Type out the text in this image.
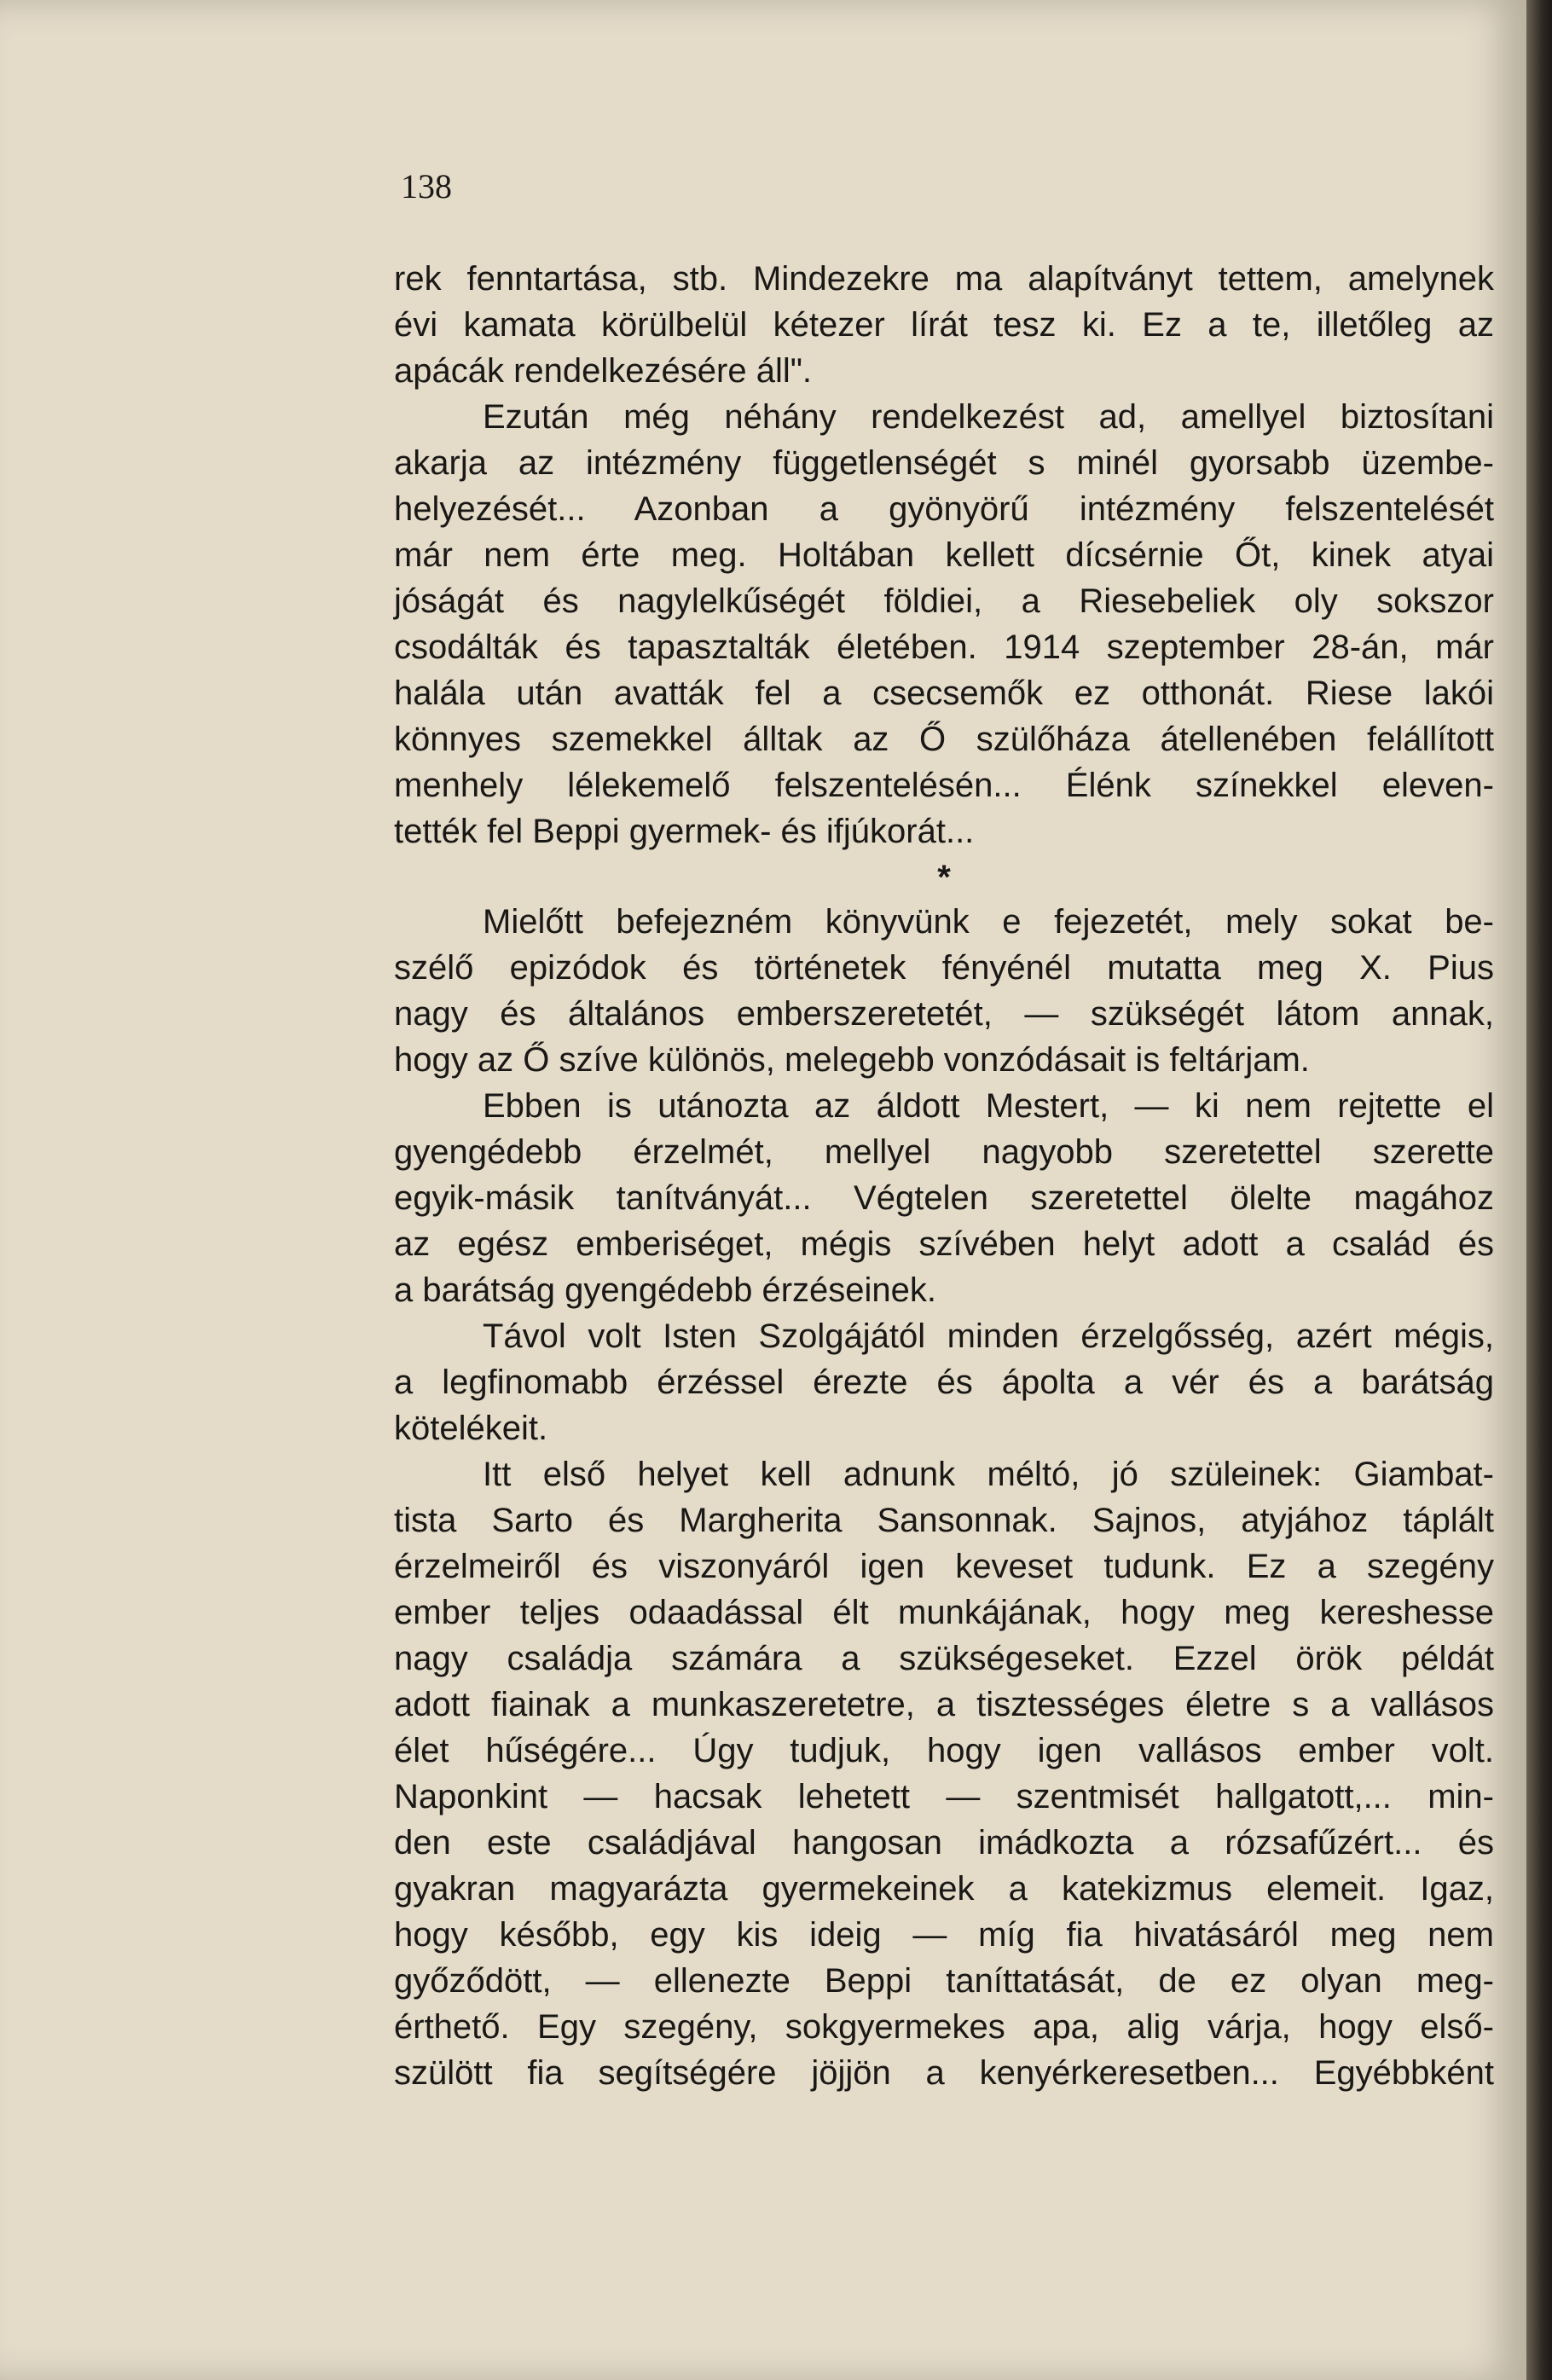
138
rek fenntartása, stb. Mindezekre ma alapítványt tettem, amelynek
évi kamata körülbelül kétezer lírát tesz ki. Ez a te, illetőleg az
apácák rendelkezésére áll".
Ezután még néhány rendelkezést ad, amellyel biztosítani
akarja az intézmény függetlenségét s minél gyorsabb üzembe-
helyezését... Azonban a gyönyörű intézmény felszentelését
már nem érte meg. Holtában kellett dícsérnie Őt, kinek atyai
jóságát és nagylelkűségét földiei, a Riesebeliek oly sokszor
csodálták és tapasztalták életében. 1914 szeptember 28-án, már
halála után avatták fel a csecsemők ez otthonát. Riese lakói
könnyes szemekkel álltak az Ő szülőháza átellenében felállított
menhely lélekemelő felszentelésén... Élénk színekkel eleven-
tették fel Beppi gyermek- és ifjúkorát...
*
Mielőtt befejezném könyvünk e fejezetét, mely sokat be-
szélő epizódok és történetek fényénél mutatta meg X. Pius
nagy és általános emberszeretetét, — szükségét látom annak,
hogy az Ő szíve különös, melegebb vonzódásait is feltárjam.
Ebben is utánozta az áldott Mestert, — ki nem rejtette el
gyengédebb érzelmét, mellyel nagyobb szeretettel szerette
egyik-másik tanítványát... Végtelen szeretettel ölelte magához
az egész emberiséget, mégis szívében helyt adott a család és
a barátság gyengédebb érzéseinek.
Távol volt Isten Szolgájától minden érzelgősség, azért mégis,
a legfinomabb érzéssel érezte és ápolta a vér és a barátság
kötelékeit.
Itt első helyet kell adnunk méltó, jó szüleinek: Giambat-
tista Sarto és Margherita Sansonnak. Sajnos, atyjához táplált
érzelmeiről és viszonyáról igen keveset tudunk. Ez a szegény
ember teljes odaadással élt munkájának, hogy meg kereshesse
nagy családja számára a szükségeseket. Ezzel örök példát
adott fiainak a munkaszeretetre, a tisztességes életre s a vallásos
élet hűségére... Úgy tudjuk, hogy igen vallásos ember volt.
Naponkint — hacsak lehetett — szentmisét hallgatott,... min-
den este családjával hangosan imádkozta a rózsafűzért... és
gyakran magyarázta gyermekeinek a katekizmus elemeit. Igaz,
hogy később, egy kis ideig — míg fia hivatásáról meg nem
győződött, — ellenezte Beppi taníttatását, de ez olyan meg-
érthető. Egy szegény, sokgyermekes apa, alig várja, hogy első-
szülött fia segítségére jöjjön a kenyérkeresetben... Egyébbként
